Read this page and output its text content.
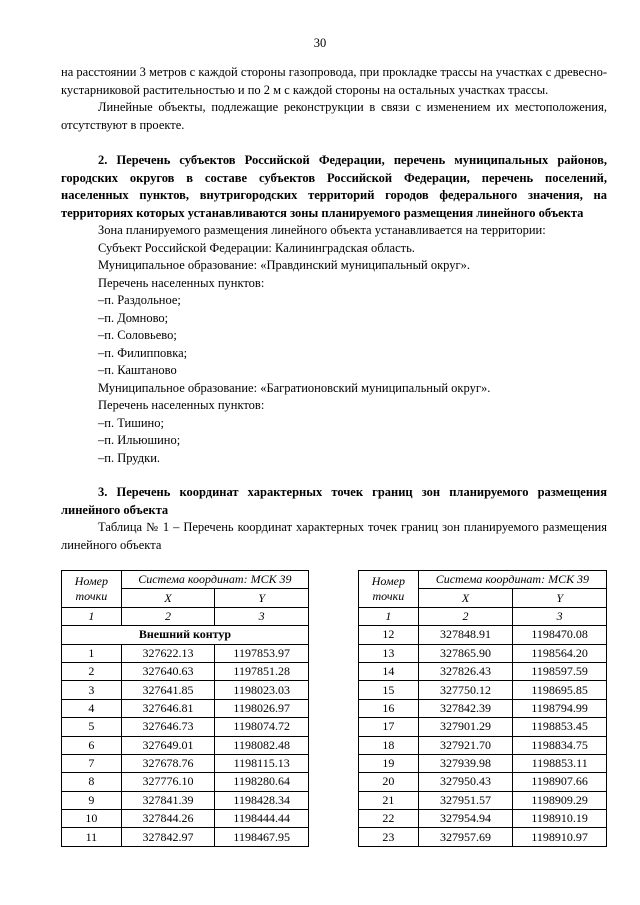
30

на расстоянии 3 метров с каждой стороны газопровода, при прокладке трассы на участках с древесно-кустарниковой растительностью и по 2 м с каждой стороны на остальных участках трассы.

Линейные объекты, подлежащие реконструкции в связи с изменением их местоположения, отсутствуют в проекте.

2. Перечень субъектов Российской Федерации, перечень муниципальных районов, городских округов в составе субъектов Российской Федерации, перечень поселений, населенных пунктов, внутригородских территорий городов федерального значения, на территориях которых устанавливаются зоны планируемого размещения линейного объекта

Зона планируемого размещения линейного объекта устанавливается на территории:

Субъект Российской Федерации: Калининградская область.

Муниципальное образование: «Правдинский муниципальный округ».

Перечень населенных пунктов:

– п. Раздольное;

– п. Домново;

– п. Соловьево;

– п. Филипповка;

– п. Каштаново

Муниципальное образование: «Багратионовский муниципальный округ».

Перечень населенных пунктов:

– п. Тишино;

– п. Ильюшино;

– п. Прудки.

3. Перечень координат характерных точек границ зон планируемого размещения линейного объекта

Таблица № 1 – Перечень координат характерных точек границ зон планируемого размещения линейного объекта

Номер точки	Система координат: МСК 39	
	X	Y
1	2	3
Внешний контур		
1	327622.13	1197853.97
2	327640.63	1197851.28
3	327641.85	1198023.03
4	327646.81	1198026.97
5	327646.73	1198074.72
6	327649.01	1198082.48
7	327678.76	1198115.13
8	327776.10	1198280.64
9	327841.39	1198428.34
10	327844.26	1198444.44
11	327842.97	1198467.95
Номер точки	Система координат: МСК 39	
	X	Y
1	2	3
12	327848.91	1198470.08
13	327865.90	1198564.20
14	327826.43	1198597.59
15	327750.12	1198695.85
16	327842.39	1198794.99
17	327901.29	1198853.45
18	327921.70	1198834.75
19	327939.98	1198853.11
20	327950.43	1198907.66
21	327951.57	1198909.29
22	327954.94	1198910.19
23	327957.69	1198910.97
